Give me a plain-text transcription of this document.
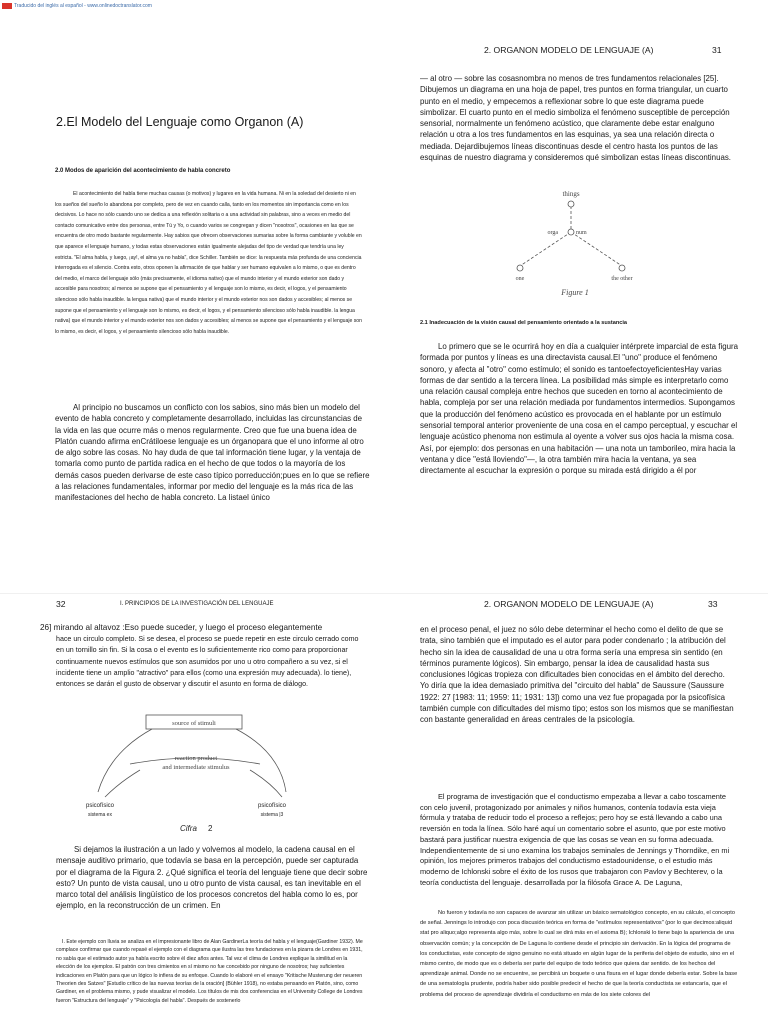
Traducido del inglés al español - www.onlinedoctranslator.com
2. ORGANON MODELO DE LENGUAJE (A)	31
— al otro — sobre las cosasnombra no menos de tres fundamentos relacionales [25]. Dibujemos un diagrama en una hoja de papel, tres puntos en forma triangular, un cuarto punto en el medio, y empecemos a reflexionar sobre lo que este diagrama puede simbolizar. El cuarto punto en el medio simboliza el fenómeno susceptible de percepción sensorial, normalmente un fenómeno acústico, que claramente debe estar enalguno relación u otra a los tres fundamentos en las esquinas, ya sea una relación directa o mediada. Dejardibujemos líneas discontinuas desde el centro hasta los puntos de las esquinas de nuestro diagrama y consideremos qué simbolizan estas líneas discontinuas.
things
orga	num
one	the other
Figure 1
2.1 Inadecuación de la visión causal del pensamiento orientado a la sustancia
Lo primero que se le ocurrirá hoy en día a cualquier intérprete imparcial de esta figura formada por puntos y líneas es una directavista causal.El "uno" produce el fenómeno sonoro, y afecta al "otro" como estímulo; el sonido es tantoefectoyeficientesHay varias formas de dar sentido a la tercera línea. La posibilidad más simple es interpretarlo como una relación causal compleja entre hechos que suceden en torno al acontecimiento de habla, compleja por ser una relación mediada por fundamentos intermedios. Supongamos que la producción del fenómeno acústico es provocada en el hablante por un estímulo sensorial temporal anterior proveniente de una cosa en el campo perceptual, y escuchar el lenguaje acústico phenoma non estimula al oyente a volver sus ojos hacia la misma cosa. Así, por ejemplo: dos personas en una habitación — una nota un tamborileo, mira hacia la ventana y dice "está lloviendo"—, la otra también mira hacia la ventana, ya sea directamente al escuchar la expresión o porque su mirada está dirigido a él por
2.El Modelo del Lenguaje como Organon (A)
2.0 Modos de aparición del acontecimiento de habla concreto
El acontecimiento del habla tiene muchas causas (o motivos) y lugares en la vida humana. Ni en la soledad del desierto ni en los sueños del sueño lo abandona por completo, pero de vez en cuando calla, tanto en los momentos sin importancia como en los decisivos. Lo hace no sólo cuando uno se dedica a una reflexión solitaria o a una actividad sin palabras, sino a veces en medio del contacto comunicativo entre dos personas, entre Tú y Yo, o cuando varios se congregan y dicen "nosotros", ocasiones en las que se encuentra de otro modo bastante regularmente. Hay sabios que ofrecen observaciones sumarias sobre la forma cambiante y voluble en que aparece el lenguaje humano, y todas estas observaciones están igualmente alejadas del tipo de verdad que tendría una ley estricta. "El alma habla, y luego, ¡ay!, el alma ya no habla", dice Schiller. También se dice: la respuesta más profunda de una conciencia interrogada es el silencio. Contra esto, otros oponen la afirmación de que hablar y ser humano equivalen a lo mismo, o que es dentro del medio, el marco del lenguaje sólo (más precisamente, el idioma nativo) que el mundo interior y el mundo exterior son dado y accesible para nosotros; al menos se supone que el pensamiento y el lenguaje son lo mismo, es decir, el logos, y el pensamiento silencioso sólo habla inaudible. la lengua nativa) que el mundo interior y el mundo exterior nos son dados y accesibles; al menos se supone que el pensamiento y el lenguaje son lo mismo, es decir, el logos, y el pensamiento silencioso sólo habla inaudible. la lengua nativa) que el mundo interior y el mundo exterior nos son dados y accesibles; al menos se supone que el pensamiento y el lenguaje son lo mismo, es decir, el logos, y el pensamiento silencioso sólo habla inaudible.
Al principio no buscamos un conflicto con los sabios, sino más bien un modelo del evento de habla concreto y completamente desarrollado, incluidas las circunstancias de la vida en las que ocurre más o menos regularmente. Creo que fue una buena idea de Platón cuando afirma enCrátiloese lenguaje es un órganopara que el uno informe al otro de algo sobre las cosas. No hay duda de que tal información tiene lugar, y la ventaja de tomarla como punto de partida radica en el hecho de que todos o la mayoría de los demás casos pueden derivarse de este caso típico porreducción;pues en lo que se refiere a las relaciones fundamentales, informar por medio del lenguaje es la más rica de las manifestaciones del hecho de habla concreto. La listael único
32	I. PRINCIPIOS DE LA INVESTIGACIÓN DEL LENGUAJE
26] mirando al altavoz :Eso puede suceder, y luego el proceso elegantemente
hace un circulo completo. Si se desea, el proceso se puede repetir en este circulo cerrado como en un tornillo sin fin. Si la cosa o el evento es lo suficientemente rico como para proporcionar continuamente nuevos estímulos que son asumidos por uno u otro compañero a su vez, si el incidente tiene un amplio "atractivo" para ellos (como una expresión muy adecuada). lo tiene), entonces se darán el gusto de observar y discutir el asunto en forma de diálogo.
source of stimuli
reaction product
and intermediate stimulus
psicofísico
sistema ex
psicofísico
sistema |3
Cifra 2
Si dejamos la ilustración a un lado y volvemos al modelo, la cadena causal en el mensaje auditivo primario, que todavía se basa en la percepción, puede ser capturada por el diagrama de la Figura 2. ¿Qué significa el teoría del lenguaje tiene que decir sobre esto? Un punto de vista causal, uno u otro punto de vista causal, es tan inevitable en el marco total del análisis lingüístico de los procesos concretos del habla como lo es, por ejemplo, en la reconstrucción de un crimen. En
I. Este ejemplo con lluvia se analiza en el impresionante libro de Alan GardinerLa teoría del habla y el lenguaje(Gardiner 1932). Me complace confirmar que cuando repasé el ejemplo con el diagrama que ilustra las tres fundaciones en la pizarra de Londres en 1931, no sabía que el estimado autor ya había escrito sobre él diez años antes. Tal vez el clima de Londres explique la similitud en la elección de los ejemplos. El patrón con tres cimientos en sí mismo no fue concebido por ninguno de nosotros; hay suficientes indicaciones en Platón para que un lógico lo infiera de su enfoque. Cuando lo elaboré en el ensayo "Kritische Musterung der neueren Theorien des Satzes" [Estudio crítico de las nuevas teorías de la oración] (Bühler 1918), no estaba pensando en Platón, sino, como Gardiner, en el problema mismo, y pude visualizar el modelo. Los títulos de mis dos conferencias en el University College de Londres fueron "Estructura del lenguaje" y "Psicología del habla". Después de sostenerlo
2. ORGANON MODELO DE LENGUAJE (A)	33
en el proceso penal, el juez no sólo debe determinar el hecho como el delito de que se trata, sino también que el imputado es el autor para poder condenarlo ; la atribución del hecho sin la idea de causalidad de una u otra forma sería una empresa sin sentido (en términos puramente lógicos). Sin embargo, pensar la idea de causalidad hasta sus conclusiones lógicas tropieza con dificultades bien conocidas en el ámbito del derecho. Yo diría que la idea demasiado primitiva del "circuito del habla" de Saussure (Saussure 1922: 27 [1983: 11; 1959: 11; 1931: 13]) como una vez fue propagada por la psicofísica también cumple con dificultades del mismo tipo; estos son los mismos que se manifiestan con bastante generalidad en áreas centrales de la psicología.
El programa de investigación que el conductismo empezaba a llevar a cabo toscamente con celo juvenil, protagonizado por animales y niños humanos, contenía todavía esta vieja fórmula y trataba de reducir todo el proceso a reflejos; pero hoy se está llevando a cabo una reversión en toda la línea. Sólo haré aquí un comentario sobre el asunto, que por este motivo bastará para justificar nuestra exigencia de que las cosas se vean en su forma adecuada. Independientemente de si uno examina los trabajos seminales de Jennings y Thorndike, en mi opinión, los mejores primeros trabajos del conductismo estadounidense, o el estudio más moderno de Ichlonski sobre el éxito de los rusos que trabajaron con Pavlov y Bechterev, o la teoría conductista del lenguaje. desarrollada por la filósofa Grace A. De Laguna,
No fueron y todavía no son capaces de avanzar sin utilizar un básico sematológico concepto, en su cálculo, el concepto de señal. Jennings lo introdujo con poca discusión teórica en forma de "estímulos representativos" (por lo que decimos:aliquid stat pro aliquo;algo representa algo más, sobre lo cual se dirá más en el axioma B); Ichlonski lo tiene bajo la apariencia de una observación común; y la concepción de De Laguna lo contiene desde el principio sin derivación. En la lógica del programa de los conductistas, este concepto de signo genuino no está situado en algún lugar de la periferia del objeto de estudio, sino en el mismo centro, de modo que es o debería ser parte del equipo de todo teórico que quiera dar sentido. de los hechos del aprendizaje animal. Donde no se encuentre, se percibirá un boquete o una fisura en el lugar donde debería estar. Sobre la base de una sematología prudente, podría haber sido posible predecir el hecho de que la teoría conductista se estancaría, que el problema del proceso de aprendizaje dividiría el conductismo en más de los siete colores del
